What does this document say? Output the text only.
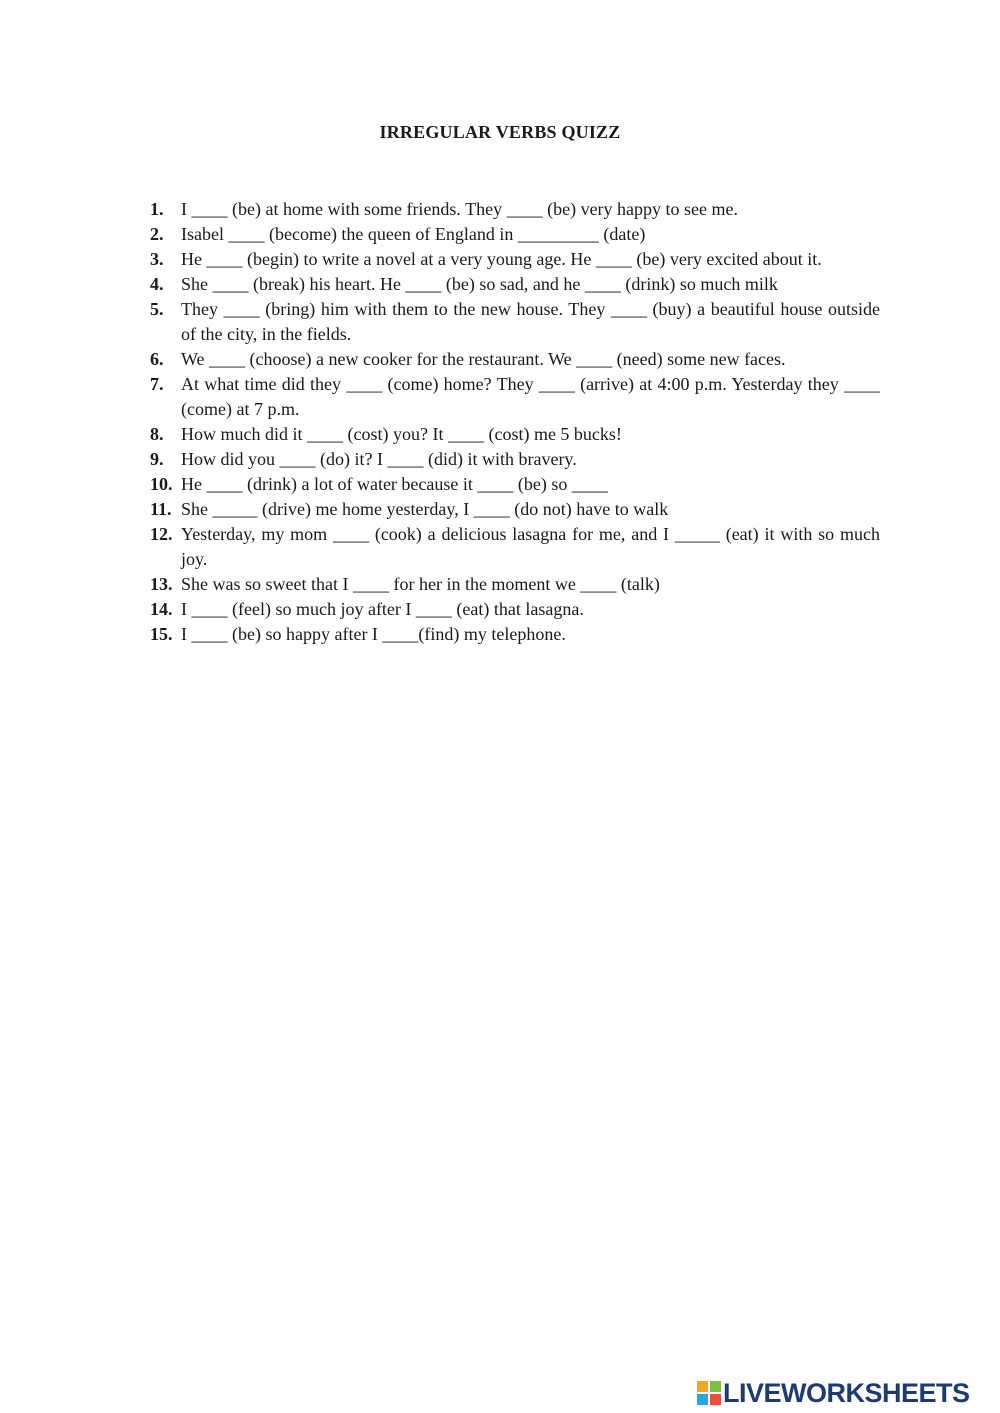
IRREGULAR VERBS QUIZZ
1. I ____ (be) at home with some friends. They ____ (be) very happy to see me.
2. Isabel ____ (become) the queen of England in _________ (date)
3. He ____ (begin) to write a novel at a very young age. He ____ (be) very excited about it.
4. She ____ (break) his heart. He ____ (be) so sad, and he ____ (drink) so much milk
5. They ____ (bring) him with them to the new house. They ____ (buy) a beautiful house outside of the city, in the fields.
6. We ____ (choose) a new cooker for the restaurant. We ____ (need) some new faces.
7. At what time did they ____ (come) home? They ____ (arrive) at 4:00 p.m. Yesterday they ____ (come) at 7 p.m.
8. How much did it ____ (cost) you? It ____ (cost) me 5 bucks!
9. How did you ____ (do) it? I ____ (did) it with bravery.
10. He ____ (drink) a lot of water because it ____ (be) so ____
11. She _____ (drive) me home yesterday, I ____ (do not) have to walk
12. Yesterday, my mom ____ (cook) a delicious lasagna for me, and I _____ (eat) it with so much joy.
13. She was so sweet that I ____ for her in the moment we ____ (talk)
14. I ____ (feel) so much joy after I ____ (eat) that lasagna.
15. I ____ (be) so happy after I ____(find) my telephone.
LIVEWORKSHEETS
